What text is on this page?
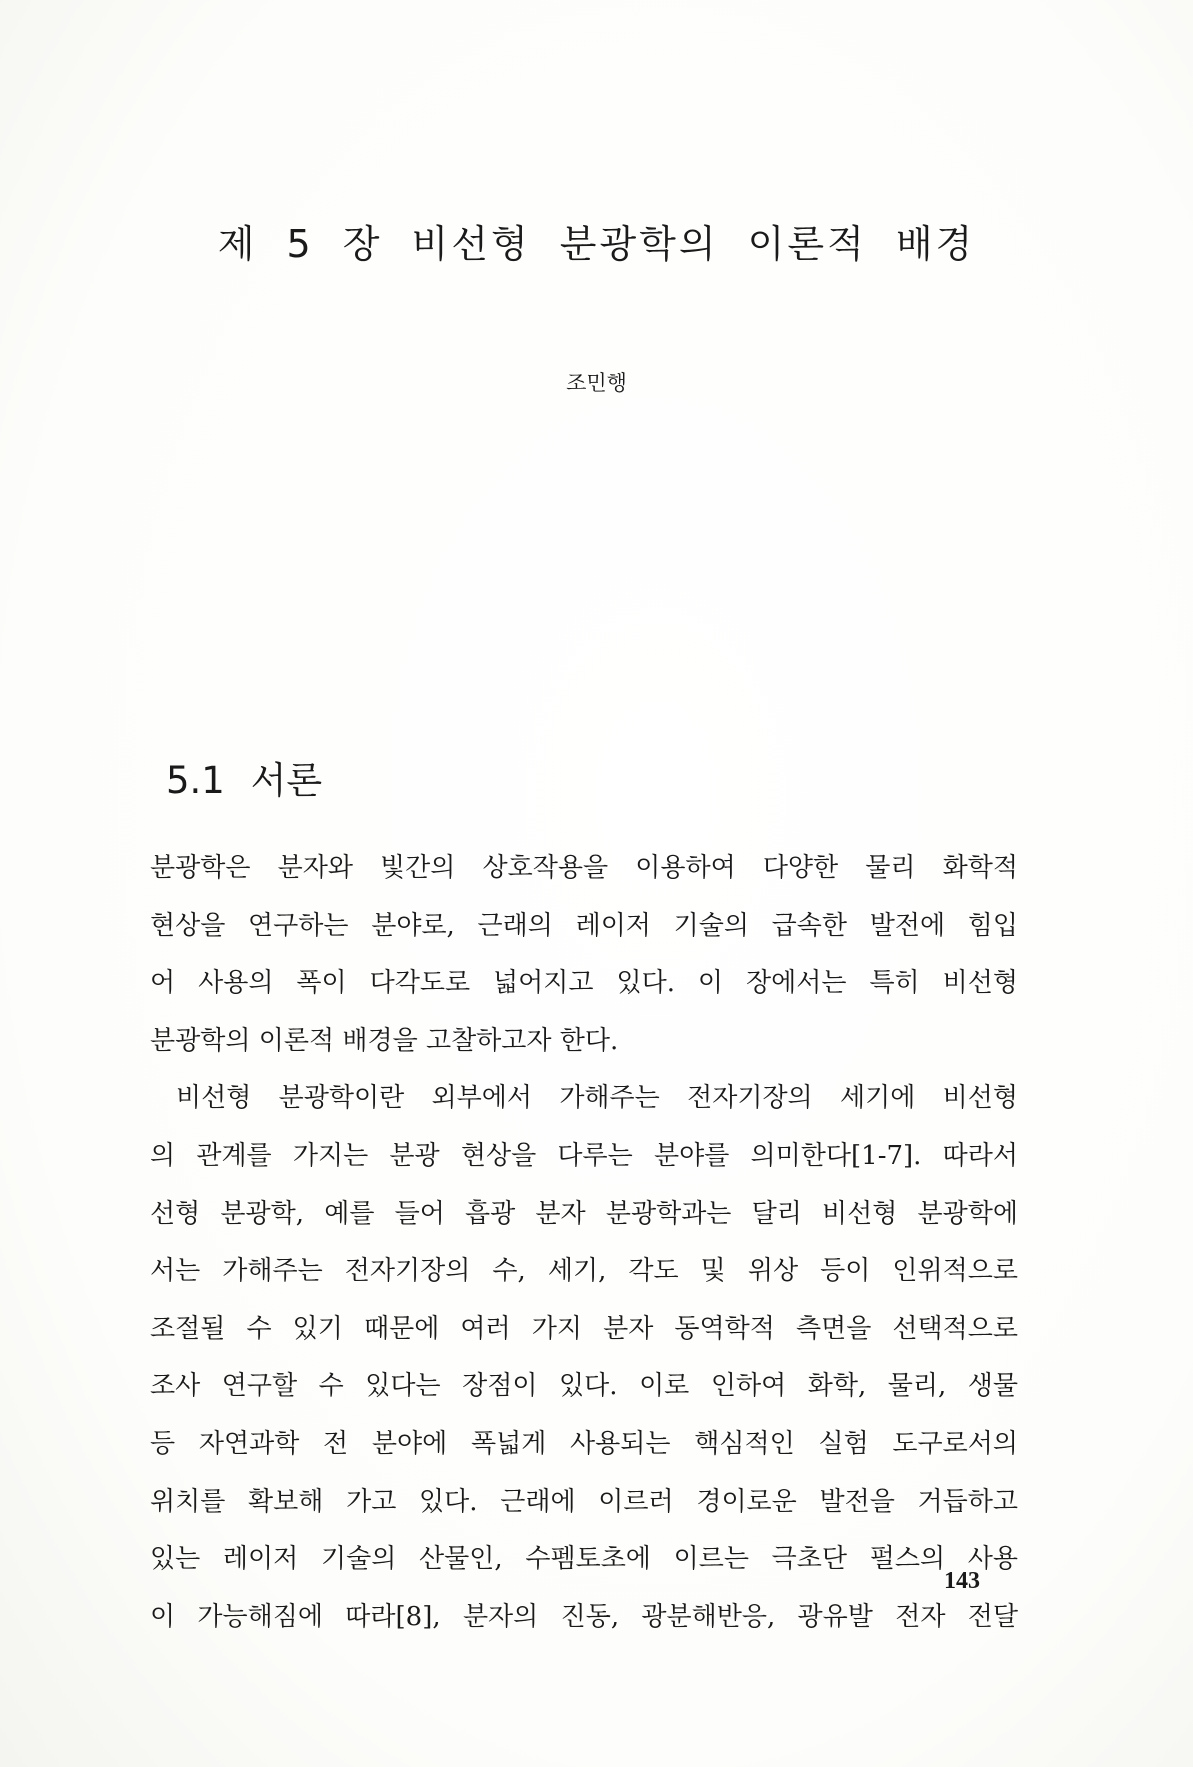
제 5 장 비선형 분광학의 이론적 배경
조민행
5.1 서론
분광학은 분자와 빛간의 상호작용을 이용하여 다양한 물리 화학적
현상을 연구하는 분야로, 근래의 레이저 기술의 급속한 발전에 힘입
어 사용의 폭이 다각도로 넓어지고 있다. 이 장에서는 특히 비선형
분광학의 이론적 배경을 고찰하고자 한다.
비선형 분광학이란 외부에서 가해주는 전자기장의 세기에 비선형
의 관계를 가지는 분광 현상을 다루는 분야를 의미한다[1-7]. 따라서
선형 분광학, 예를 들어 흡광 분자 분광학과는 달리 비선형 분광학에
서는 가해주는 전자기장의 수, 세기, 각도 및 위상 등이 인위적으로
조절될 수 있기 때문에 여러 가지 분자 동역학적 측면을 선택적으로
조사 연구할 수 있다는 장점이 있다. 이로 인하여 화학, 물리, 생물
등 자연과학 전 분야에 폭넓게 사용되는 핵심적인 실험 도구로서의
위치를 확보해 가고 있다. 근래에 이르러 경이로운 발전을 거듭하고
있는 레이저 기술의 산물인, 수펨토초에 이르는 극초단 펄스의 사용
이 가능해짐에 따라[8], 분자의 진동, 광분해반응, 광유발 전자 전달
143
